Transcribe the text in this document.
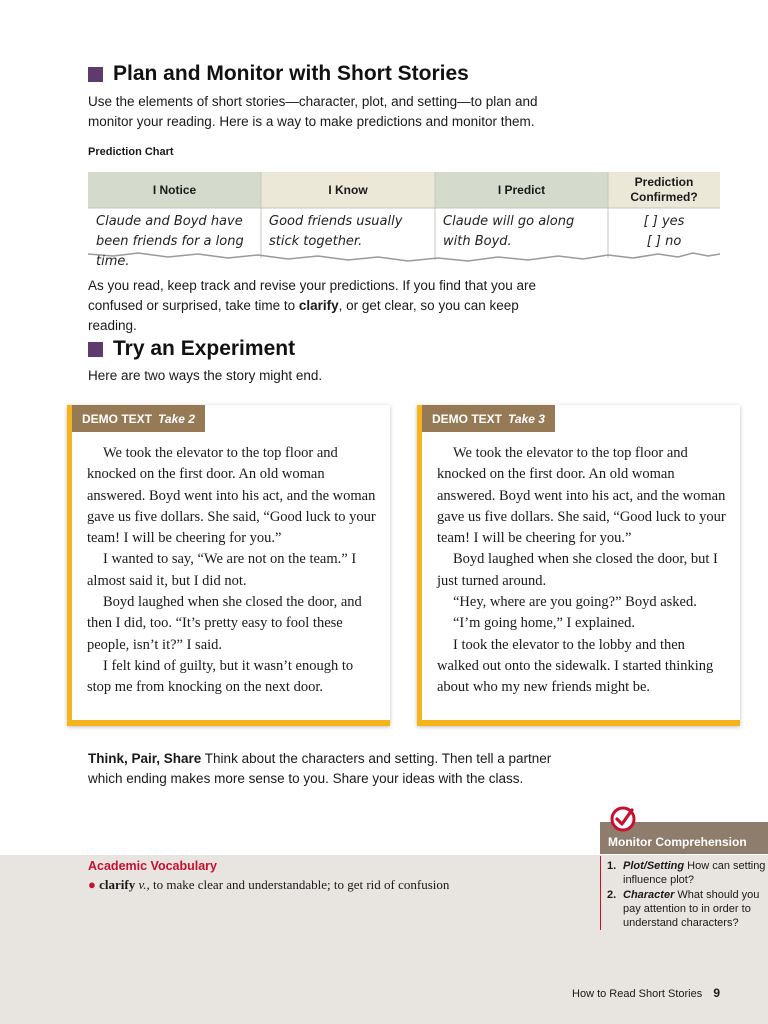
Plan and Monitor with Short Stories
Use the elements of short stories—character, plot, and setting—to plan and monitor your reading. Here is a way to make predictions and monitor them.
Prediction Chart
I Notice	I Know	I Predict
Prediction Confirmed?
Claude and Boyd have been friends for a long time.
Good friends usually stick together.
Claude will go along with Boyd.
[ ] yes
[ ] no
As you read, keep track and revise your predictions. If you find that you are confused or surprised, take time to clarify, or get clear, so you can keep reading.
Try an Experiment
Here are two ways the story might end.
DEMO TEXT Take 2

We took the elevator to the top floor and knocked on the first door. An old woman answered. Boyd went into his act, and the woman gave us five dollars. She said, “Good luck to your team! I will be cheering for you.”

I wanted to say, “We are not on the team.” I almost said it, but I did not.

Boyd laughed when she closed the door, and then I did, too. “It’s pretty easy to fool these people, isn’t it?” I said.

I felt kind of guilty, but it wasn’t enough to stop me from knocking on the next door.

DEMO TEXT Take 3

We took the elevator to the top floor and knocked on the first door. An old woman answered. Boyd went into his act, and the woman gave us five dollars. She said, “Good luck to your team! I will be cheering for you.”

Boyd laughed when she closed the door, but I just turned around.

“Hey, where are you going?” Boyd asked.

“I’m going home,” I explained.

I took the elevator to the lobby and then walked out onto the sidewalk. I started thinking about who my new friends might be.

Think, Pair, Share Think about the characters and setting. Then tell a partner which ending makes more sense to you. Share your ideas with the class.
Academic Vocabulary
● clarify v., to make clear and understandable; to get rid of confusion
Monitor Comprehension
1. Plot/Setting How can setting influence plot?
2. Character What should you pay attention to in order to understand characters?
How to Read Short Stories 9
